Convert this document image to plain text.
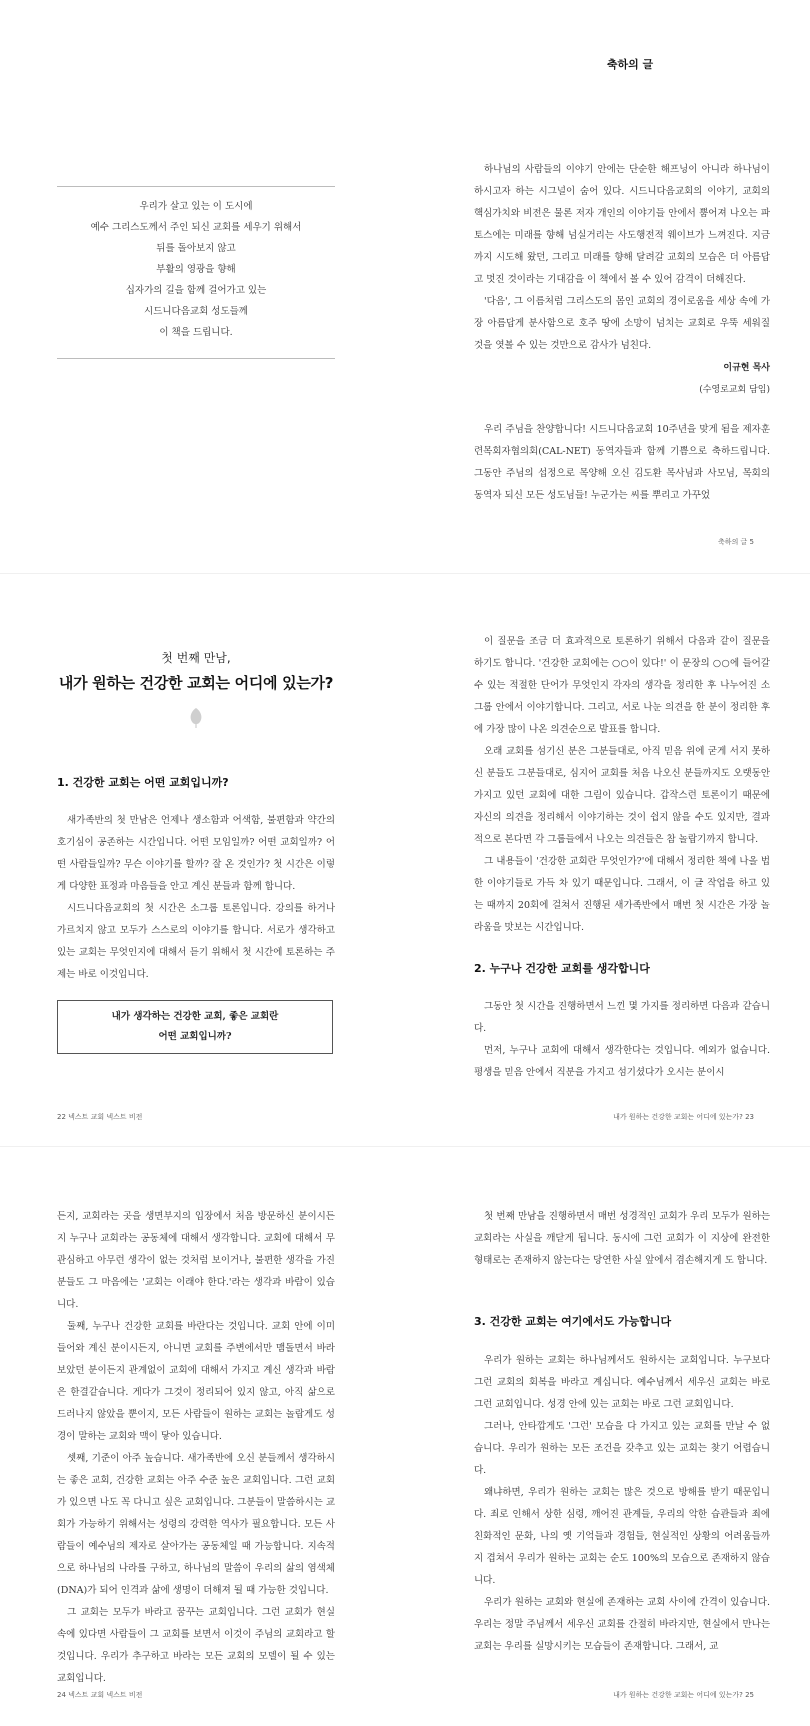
축하의 글
우리가 살고 있는 이 도시에
예수 그리스도께서 주인 되신 교회를 세우기 위해서
뒤를 돌아보지 않고
부활의 영광을 향해
십자가의 길을 함께 걸어가고 있는
시드니다음교회 성도들께
이 책을 드립니다.

하나님의 사람들의 이야기 안에는 단순한 해프닝이 아니라 하나님이 하시고자 하는 시그널이 숨어 있다. 시드니다음교회의 이야기, 교회의 핵심가치와 비전은 물론 저자 개인의 이야기들 안에서 뿜어져 나오는 파토스에는 미래를 향해 넘실거리는 사도행전적 웨이브가 느껴진다. 지금까지 시도해 왔던, 그리고 미래를 향해 달려갈 교회의 모습은 더 아름답고 멋진 것이라는 기대감을 이 책에서 볼 수 있어 감격이 더해진다.

'다음', 그 이름처럼 그리스도의 몸인 교회의 경이로움을 세상 속에 가장 아름답게 분사함으로 호주 땅에 소망이 넘치는 교회로 우뚝 세워질 것을 엿볼 수 있는 것만으로 감사가 넘친다.

이규현 목사
(수영로교회 담임)

우리 주님을 찬양합니다! 시드니다음교회 10주년을 맞게 됨을 제자훈련목회자협의회(CAL-NET) 동역자들과 함께 기쁨으로 축하드립니다. 그동안 주님의 섭정으로 목양해 오신 김도환 목사님과 사모님, 목회의 동역자 되신 모든 성도님들! 누군가는 씨를 뿌리고 가꾸었

축하의 글 5
첫 번째 만남,
내가 원하는 건강한 교회는 어디에 있는가?
1. 건강한 교회는 어떤 교회입니까?

새가족반의 첫 만남은 언제나 생소함과 어색함, 불편함과 약간의 호기심이 공존하는 시간입니다. 어떤 모임일까? 어떤 교회일까? 어떤 사람들일까? 무슨 이야기를 할까? 잘 온 것인가? 첫 시간은 이렇게 다양한 표정과 마음들을 안고 계신 분들과 함께 합니다.

시드니다음교회의 첫 시간은 소그룹 토론입니다. 강의를 하거나 가르치지 않고 모두가 스스로의 이야기를 합니다. 서로가 생각하고 있는 교회는 무엇인지에 대해서 듣기 위해서 첫 시간에 토론하는 주제는 바로 이것입니다.

내가 생각하는 건강한 교회, 좋은 교회란
어떤 교회입니까?

이 질문을 조금 더 효과적으로 토론하기 위해서 다음과 같이 질문을 하기도 합니다. '건강한 교회에는 ○○이 있다!' 이 문장의 ○○에 들어갈 수 있는 적절한 단어가 무엇인지 각자의 생각을 정리한 후 나누어진 소그룹 안에서 이야기합니다. 그리고, 서로 나눈 의견을 한 분이 정리한 후에 가장 많이 나온 의견순으로 발표를 합니다.

오래 교회를 섬기신 분은 그분들대로, 아직 믿음 위에 굳게 서지 못하신 분들도 그분들대로, 심지어 교회를 처음 나오신 분들까지도 오랫동안 가지고 있던 교회에 대한 그림이 있습니다. 갑작스런 토론이기 때문에 자신의 의견을 정리해서 이야기하는 것이 쉽지 않을 수도 있지만, 결과적으로 본다면 각 그룹들에서 나오는 의견들은 참 놀랍기까지 합니다.

그 내용들이 '건강한 교회란 무엇인가?'에 대해서 정리한 책에 나올 법한 이야기들로 가득 차 있기 때문입니다. 그래서, 이 글 작업을 하고 있는 때까지 20회에 걸쳐서 진행된 새가족반에서 매번 첫 시간은 가장 놀라움을 맛보는 시간입니다.

2. 누구나 건강한 교회를 생각합니다

그동안 첫 시간을 진행하면서 느낀 몇 가지를 정리하면 다음과 같습니다.

먼저, 누구나 교회에 대해서 생각한다는 것입니다. 예외가 없습니다. 평생을 믿음 안에서 직분을 가지고 섬기셨다가 오시는 분이시

22 넥스트 교회 넥스트 비전	내가 원하는 건강한 교회는 어디에 있는가? 23

든지, 교회라는 곳을 생면부지의 입장에서 처음 방문하신 분이시든지 누구나 교회라는 공동체에 대해서 생각합니다. 교회에 대해서 무관심하고 아무런 생각이 없는 것처럼 보이거나, 불편한 생각을 가진 분들도 그 마음에는 '교회는 이래야 한다.'라는 생각과 바람이 있습니다.

둘째, 누구나 건강한 교회를 바란다는 것입니다. 교회 안에 이미 들어와 계신 분이시든지, 아니면 교회를 주변에서만 맴돌면서 바라보았던 분이든지 관계없이 교회에 대해서 가지고 계신 생각과 바람은 한결같습니다. 게다가 그것이 정리되어 있지 않고, 아직 삶으로 드러나지 않았을 뿐이지, 모든 사람들이 원하는 교회는 놀랍게도 성경이 말하는 교회와 맥이 닿아 있습니다.

셋째, 기준이 아주 높습니다. 새가족반에 오신 분들께서 생각하시는 좋은 교회, 건강한 교회는 아주 수준 높은 교회입니다. 그런 교회가 있으면 나도 꼭 다니고 싶은 교회입니다. 그분들이 말씀하시는 교회가 가능하기 위해서는 성령의 강력한 역사가 필요합니다. 모든 사람들이 예수님의 제자로 살아가는 공동체일 때 가능합니다. 지속적으로 하나님의 나라를 구하고, 하나님의 말씀이 우리의 삶의 염색체(DNA)가 되어 인격과 삶에 생명이 더해져 될 때 가능한 것입니다.

그 교회는 모두가 바라고 꿈꾸는 교회입니다. 그런 교회가 현실 속에 있다면 사람들이 그 교회를 보면서 이것이 주님의 교회라고 할 것입니다. 우리가 추구하고 바라는 모든 교회의 모델이 될 수 있는 교회입니다.

첫 번째 만남을 진행하면서 매번 성경적인 교회가 우리 모두가 원하는 교회라는 사실을 깨닫게 됩니다. 동시에 그런 교회가 이 지상에 완전한 형태로는 존재하지 않는다는 당연한 사실 앞에서 겸손해지게 도 합니다.

3. 건강한 교회는 여기에서도 가능합니다

우리가 원하는 교회는 하나님께서도 원하시는 교회입니다. 누구보다 그런 교회의 회복을 바라고 계십니다. 예수님께서 세우신 교회는 바로 그런 교회입니다. 성경 안에 있는 교회는 바로 그런 교회입니다.

그러나, 안타깝게도 '그런' 모습을 다 가지고 있는 교회를 만날 수 없습니다. 우리가 원하는 모든 조건을 갖추고 있는 교회는 찾기 어렵습니다.

왜냐하면, 우리가 원하는 교회는 많은 것으로 방해를 받기 때문입니다. 죄로 인해서 상한 심령, 깨어진 관계들, 우리의 악한 습관들과 죄에 친화적인 문화, 나의 옛 기억들과 경험들, 현실적인 상황의 어려움들까지 겹쳐서 우리가 원하는 교회는 순도 100%의 모습으로 존재하지 않습니다.

우리가 원하는 교회와 현실에 존재하는 교회 사이에 간격이 있습니다. 우리는 정말 주님께서 세우신 교회를 간절히 바라지만, 현실에서 만나는 교회는 우리를 실망시키는 모습들이 존재합니다. 그래서, 교

24 넥스트 교회 넥스트 비전	내가 원하는 건강한 교회는 어디에 있는가? 25
